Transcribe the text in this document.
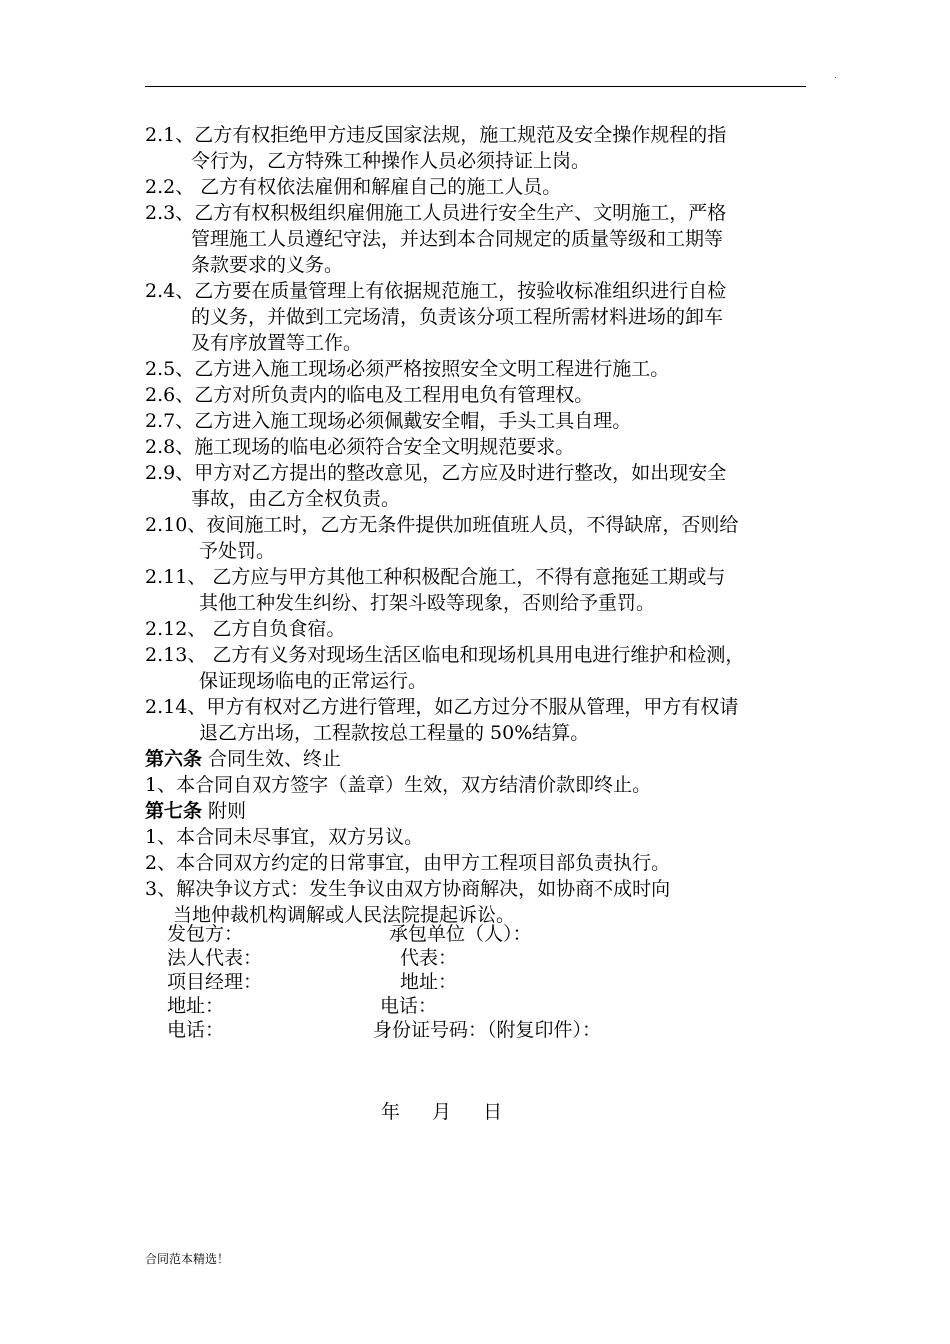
.
2.1、乙方有权拒绝甲方违反国家法规，施工规范及安全操作规程的指
令行为，乙方特殊工种操作人员必须持证上岗。
2.2、 乙方有权依法雇佣和解雇自己的施工人员。
2.3、乙方有权积极组织雇佣施工人员进行安全生产、文明施工，严格
管理施工人员遵纪守法，并达到本合同规定的质量等级和工期等
条款要求的义务。
2.4、乙方要在质量管理上有依据规范施工，按验收标准组织进行自检
的义务，并做到工完场清，负责该分项工程所需材料进场的卸车
及有序放置等工作。
2.5、乙方进入施工现场必须严格按照安全文明工程进行施工。
2.6、乙方对所负责内的临电及工程用电负有管理权。
2.7、乙方进入施工现场必须佩戴安全帽，手头工具自理。
2.8、施工现场的临电必须符合安全文明规范要求。
2.9、甲方对乙方提出的整改意见，乙方应及时进行整改，如出现安全
事故，由乙方全权负责。
2.10、夜间施工时，乙方无条件提供加班值班人员，不得缺席，否则给
予处罚。
2.11、 乙方应与甲方其他工种积极配合施工，不得有意拖延工期或与
其他工种发生纠纷、打架斗殴等现象，否则给予重罚。
2.12、 乙方自负食宿。
2.13、 乙方有义务对现场生活区临电和现场机具用电进行维护和检测，
保证现场临电的正常运行。
2.14、甲方有权对乙方进行管理，如乙方过分不服从管理，甲方有权请
退乙方出场，工程款按总工程量的 50%结算。
第六条 合同生效、终止
1、本合同自双方签字（盖章）生效，双方结清价款即终止。
第七条 附则
1、本合同未尽事宜，双方另议。
2、本合同双方约定的日常事宜，由甲方工程项目部负责执行。
3、解决争议方式：发生争议由双方协商解决，如协商不成时向
当地仲裁机构调解或人民法院提起诉讼。
发包方：	承包单位（人）：
法人代表：	代表：
项目经理：	地址：
地址：	电话：
电话：	身份证号码：（附复印件）：
年 月 日
合同范本精选！
